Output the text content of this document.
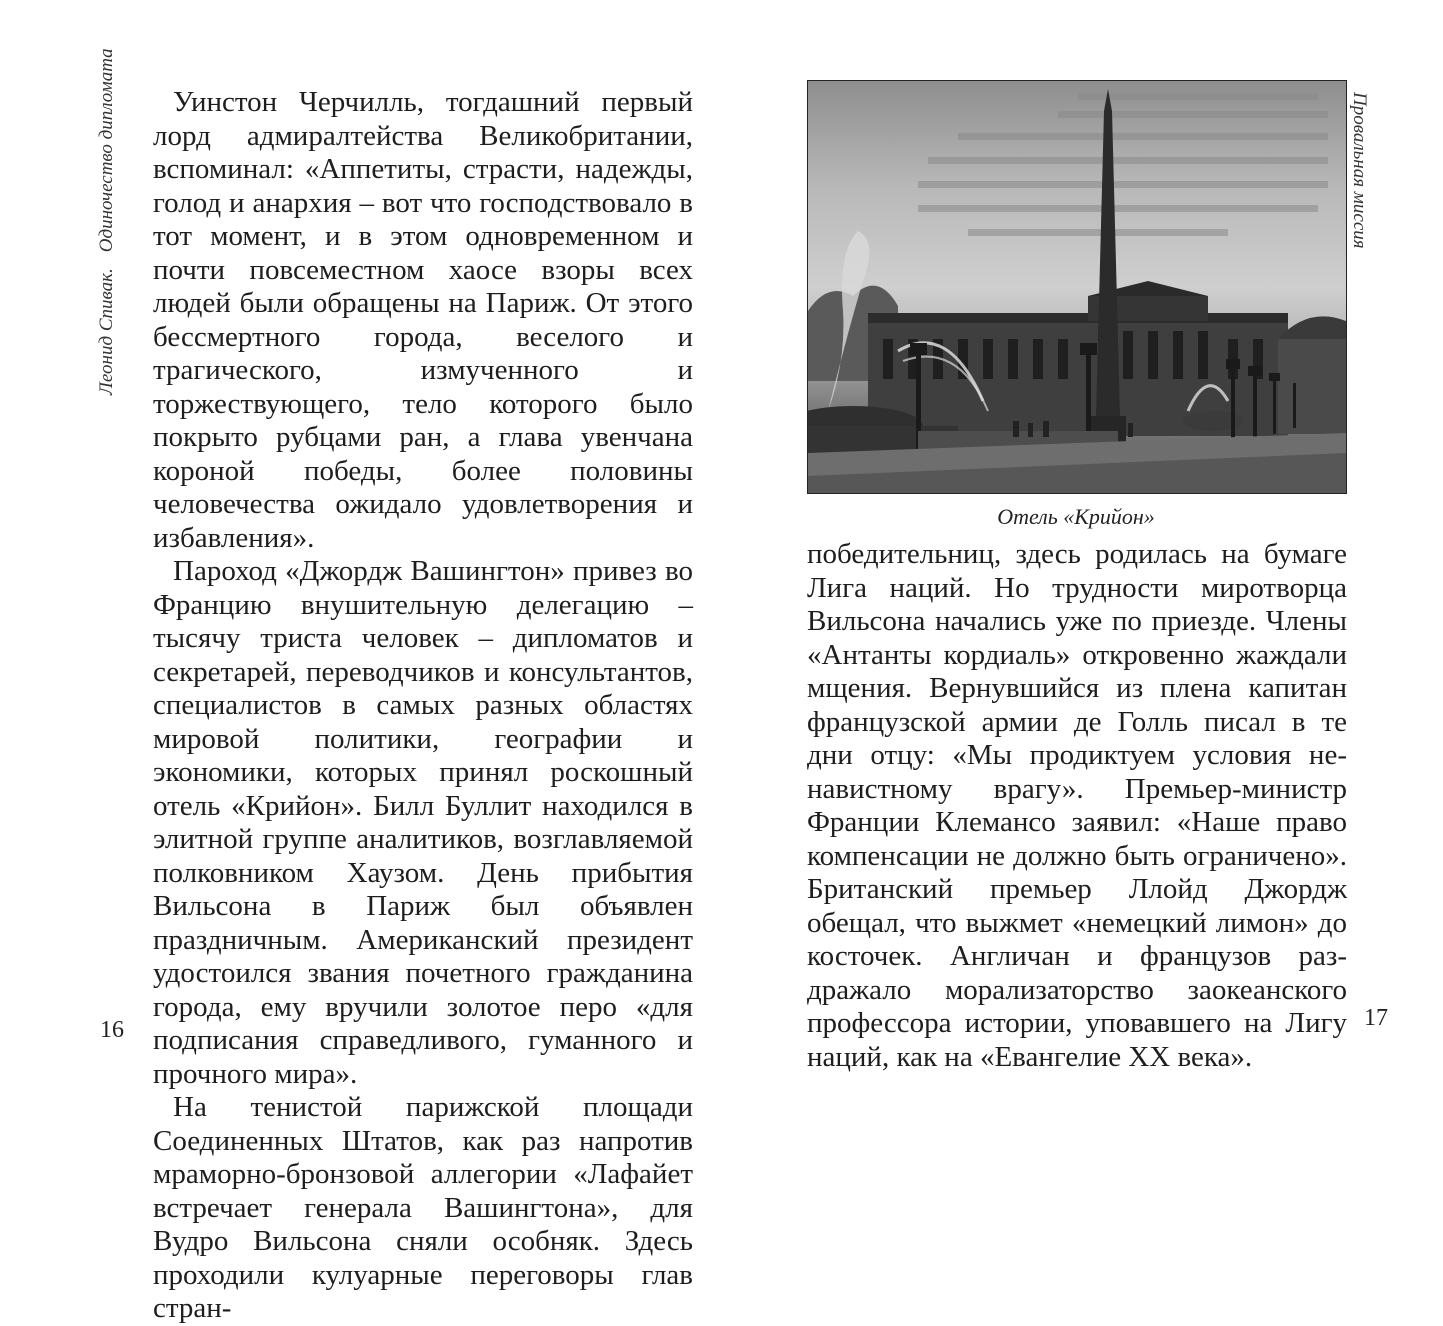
Леонид Спивак.Одиночество дипломата	Уинстон Черчилль, тогдашний первый лорд адмиралтейства Великобритании, вспоминал: «Аппетиты, страсти, надежды, голод и анархия – вот что господствовало в тот момент, и в этом одновременном и почти повсеместном хаосе взоры всех людей были обращены на Париж. От этого бессмертного города, веселого и трагического, измученного и торжествующего, тело которого было покрыто рубцами ран, а глава увенчана короной победы, более половины человечества ожидало удовлетворения и избавления».

Пароход «Джордж Вашингтон» привез во Францию внушительную делегацию – тысячу триста человек – дипломатов и секретарей, переводчиков и консультантов, специалистов в самых разных областях мировой политики, географии и экономики, которых принял роскошный отель «Крийон». Билл Буллит находился в элитной группе аналитиков, возглавляемой полковником Хаузом. День прибытия Вильсона в Париж был объявлен праздничным. Американский президент удостоился звания почетного гражданина города, ему вручили золотое перо «для подписания справедливого, гуманного и прочного мира».

На тенистой парижской площади Соединенных Штатов, как раз напротив мраморно-бронзовой аллегории «Лафайет встречает генерала Вашингтона», для Вудро Вильсона сняли особняк. Здесь проходили кулуарные переговоры глав стран-

16
Провальная миссия
Отель «Крийон»

победительниц, здесь родилась на бумаге Лига наций. Но трудности миротворца Вильсона начались уже по приезде. Члены «Антанты кордиаль» откровенно жаждали мщения. Вернувшийся из плена капитан французской армии де Голль писал в те дни отцу: «Мы продиктуем условия ненавистному врагу». Премьер-министр Франции Клемансо заявил: «Наше право компенсации не должно быть ограничено». Британский премьер Ллойд Джордж обещал, что выжмет «немецкий лимон» до косточек. Англичан и французов раздражало морализаторство заокеанского профессора истории, уповавшего на Лигу наций, как на «Евангелие XX века».

17
